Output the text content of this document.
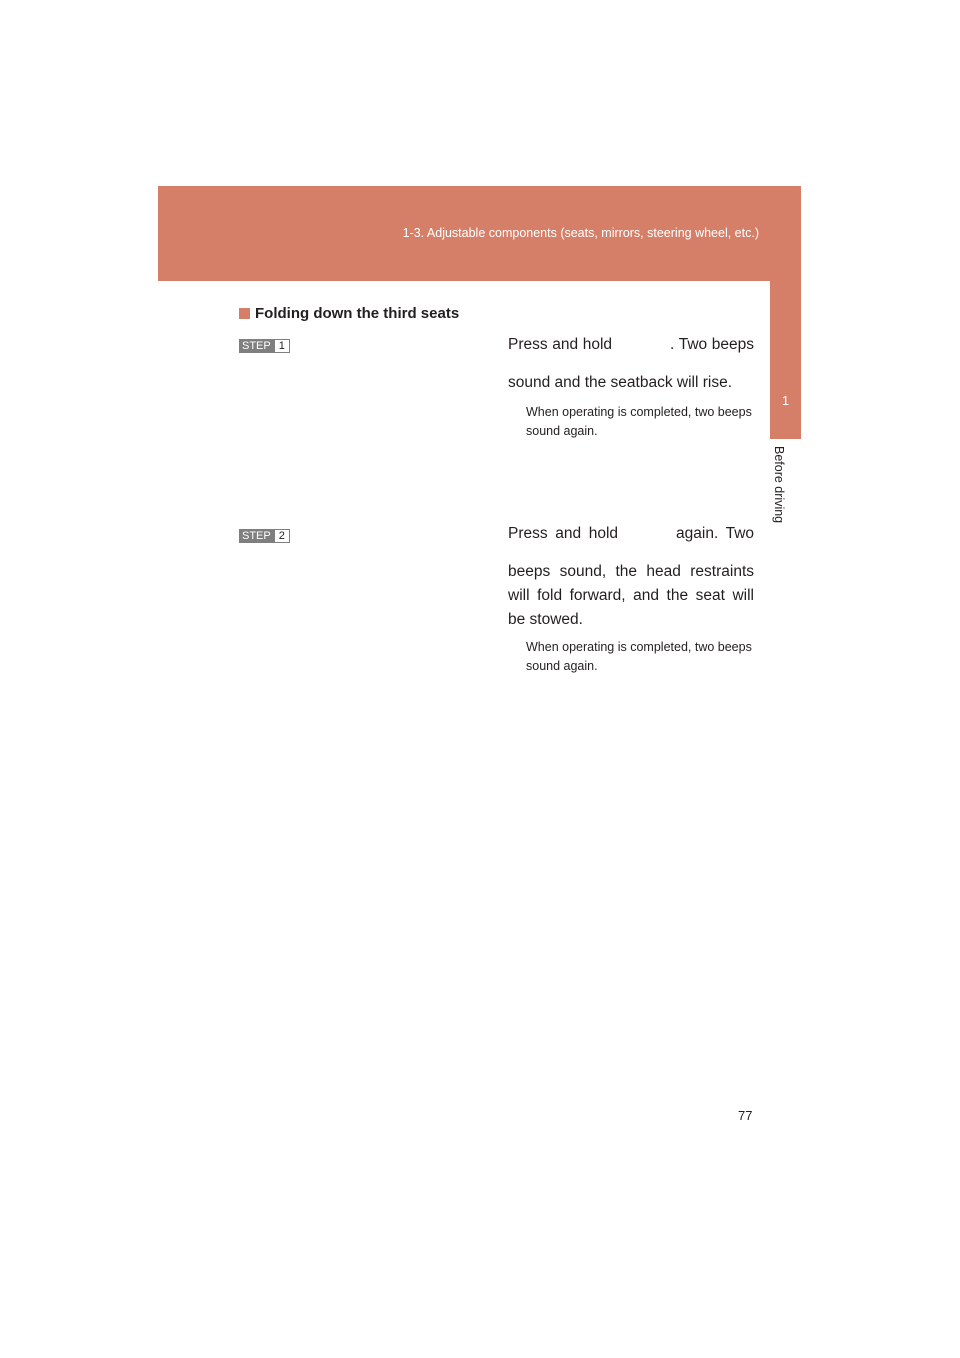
1-3. Adjustable components (seats, mirrors, steering wheel, etc.)
1
Before driving
Folding down the third seats
STEP 1	Press and hold	. Two beeps

sound and the seatback will rise.

When operating is completed, two beeps sound again.
STEP 2	Press and hold	again. Two

beeps sound, the head restraints will fold forward, and the seat will be stowed.

When operating is completed, two beeps sound again.
77
